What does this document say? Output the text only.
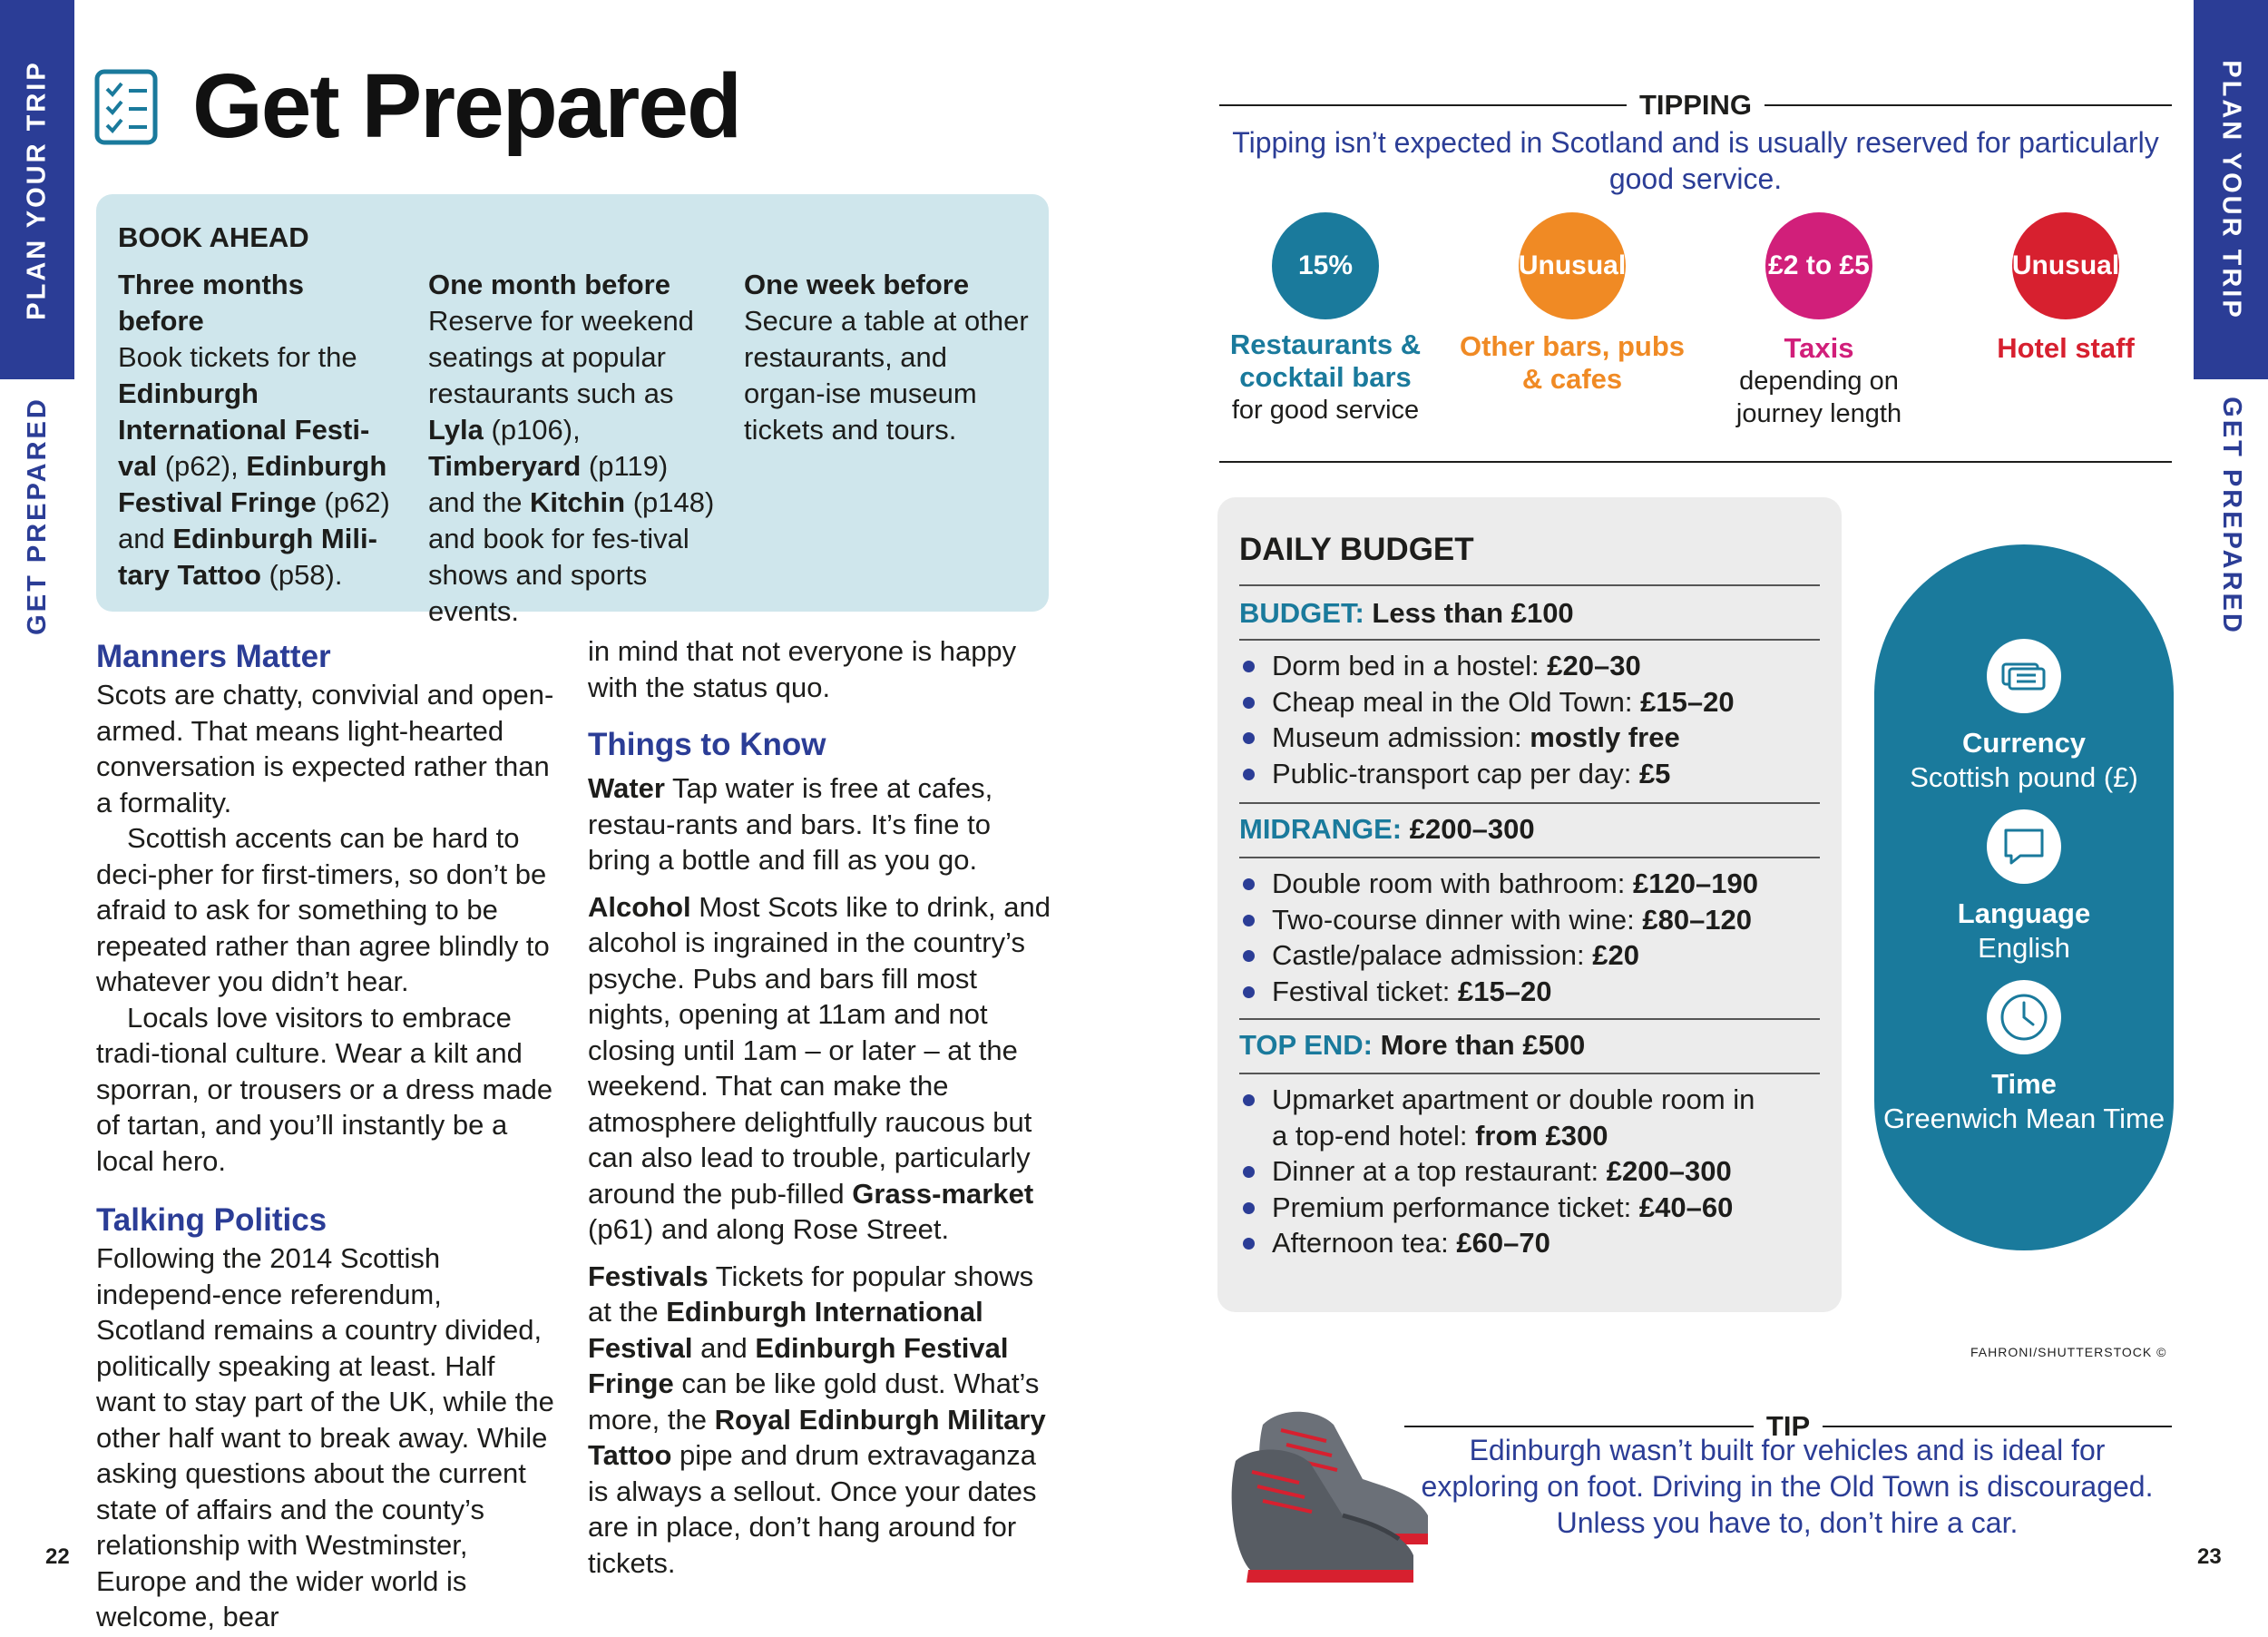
PLAN YOUR TRIP
GET PREPARED
PLAN YOUR TRIP
GET PREPARED
22	23
Get Prepared
BOOK AHEAD
Three months before
Book tickets for the Edinburgh International Festi-val (p62), Edinburgh Festival Fringe (p62) and Edinburgh Mili-tary Tattoo (p58).
One month before
Reserve for weekend seatings at popular restaurants such as Lyla (p106), Timberyard (p119) and the Kitchin (p148) and book for fes-tival shows and sports events.
One week before
Secure a table at other restaurants, and organ-ise museum tickets and tours.
Manners Matter

Scots are chatty, convivial and open-armed. That means light-hearted conversation is expected rather than a formality.

Scottish accents can be hard to deci-pher for first-timers, so don’t be afraid to ask for something to be repeated rather than agree blindly to whatever you didn’t hear.

Locals love visitors to embrace tradi-tional culture. Wear a kilt and sporran, or trousers or a dress made of tartan, and you’ll instantly be a local hero.

Talking Politics

Following the 2014 Scottish independ-ence referendum, Scotland remains a country divided, politically speaking at least. Half want to stay part of the UK, while the other half want to break away. While asking questions about the current state of affairs and the county’s relationship with Westminster, Europe and the wider world is welcome, bear

in mind that not everyone is happy with the status quo.

Things to Know

Water Tap water is free at cafes, restau-rants and bars. It’s fine to bring a bottle and fill as you go.

Alcohol Most Scots like to drink, and alcohol is ingrained in the country’s psyche. Pubs and bars fill most nights, opening at 11am and not closing until 1am – or later – at the weekend. That can make the atmosphere delightfully raucous but can also lead to trouble, particularly around the pub-filled Grass-market (p61) and along Rose Street.

Festivals Tickets for popular shows at the Edinburgh International Festival and Edinburgh Festival Fringe can be like gold dust. What’s more, the Royal Edinburgh Military Tattoo pipe and drum extravaganza is always a sellout. Once your dates are in place, don’t hang around for tickets.

TIPPING
Tipping isn’t expected in Scotland and is usually reserved for particularly good service.
15%
Restaurants & cocktail bars
for good service
Unusual
Other bars, pubs & cafes
£2 to £5
Taxis
depending on journey length
Unusual
Hotel staff
DAILY BUDGET
BUDGET: Less than £100
Dorm bed in a hostel: £20–30
Cheap meal in the Old Town: £15–20
Museum admission: mostly free
Public-transport cap per day: £5
MIDRANGE: £200–300
Double room with bathroom: £120–190
Two-course dinner with wine: £80–120
Castle/palace admission: £20
Festival ticket: £15–20
TOP END: More than £500
Upmarket apartment or double room in a top-end hotel: from £300
Dinner at a top restaurant: £200–300
Premium performance ticket: £40–60
Afternoon tea: £60–70
Currency
Scottish pound (£)
Language
English
Time
Greenwich Mean Time
FAHRONI/SHUTTERSTOCK ©
TIP
Edinburgh wasn’t built for vehicles and is ideal for exploring on foot. Driving in the Old Town is discouraged. Unless you have to, don’t hire a car.
